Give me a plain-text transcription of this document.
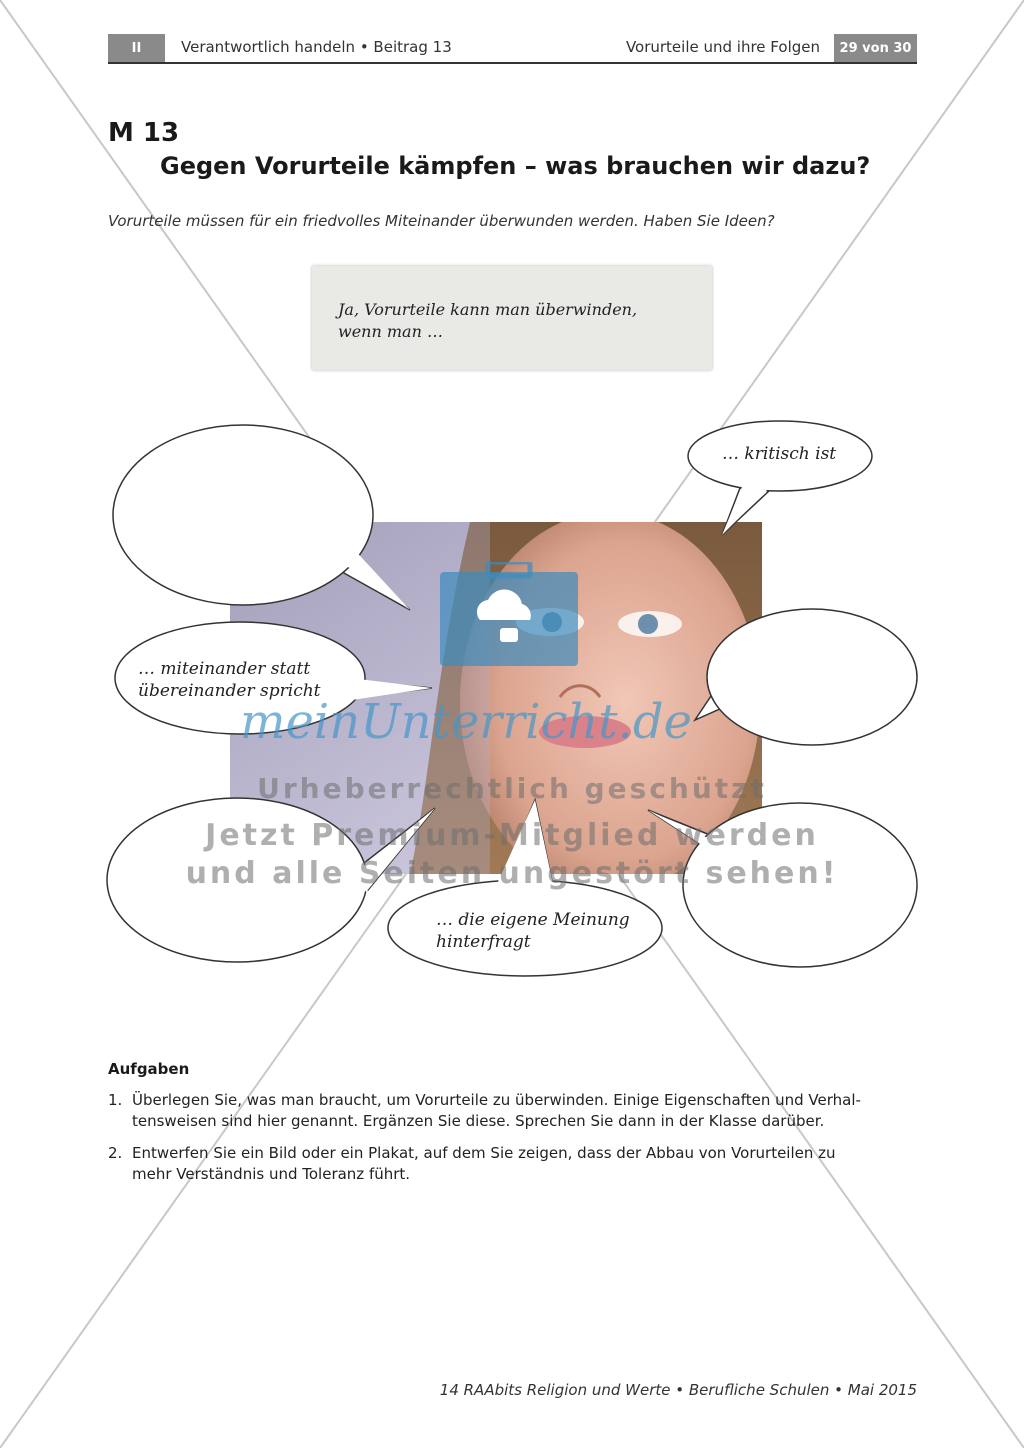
II	Verantwortlich handeln • Beitrag 13	Vorurteile und ihre Folgen	29 von 30
M 13
Gegen Vorurteile kämpfen – was brauchen wir dazu?
Vorurteile müssen für ein friedvolles Miteinander überwunden werden. Haben Sie Ideen?
Ja, Vorurteile kann man überwinden,
wenn man …
… kritisch ist
… miteinander statt
übereinander spricht
… die eigene Meinung
hinterfragt
meinUnterricht.de
Urheberrechtlich geschützt
Jetzt Premium-Mitglied werden
und alle Seiten ungestört sehen!
Aufgaben
1. Überlegen Sie, was man braucht, um Vorurteile zu überwinden. Einige Eigenschaften und Verhal-
tensweisen sind hier genannt. Ergänzen Sie diese. Sprechen Sie dann in der Klasse darüber.
2. Entwerfen Sie ein Bild oder ein Plakat, auf dem Sie zeigen, dass der Abbau von Vorurteilen zu
mehr Verständnis und Toleranz führt.
14 RAAbits Religion und Werte • Berufliche Schulen • Mai 2015
